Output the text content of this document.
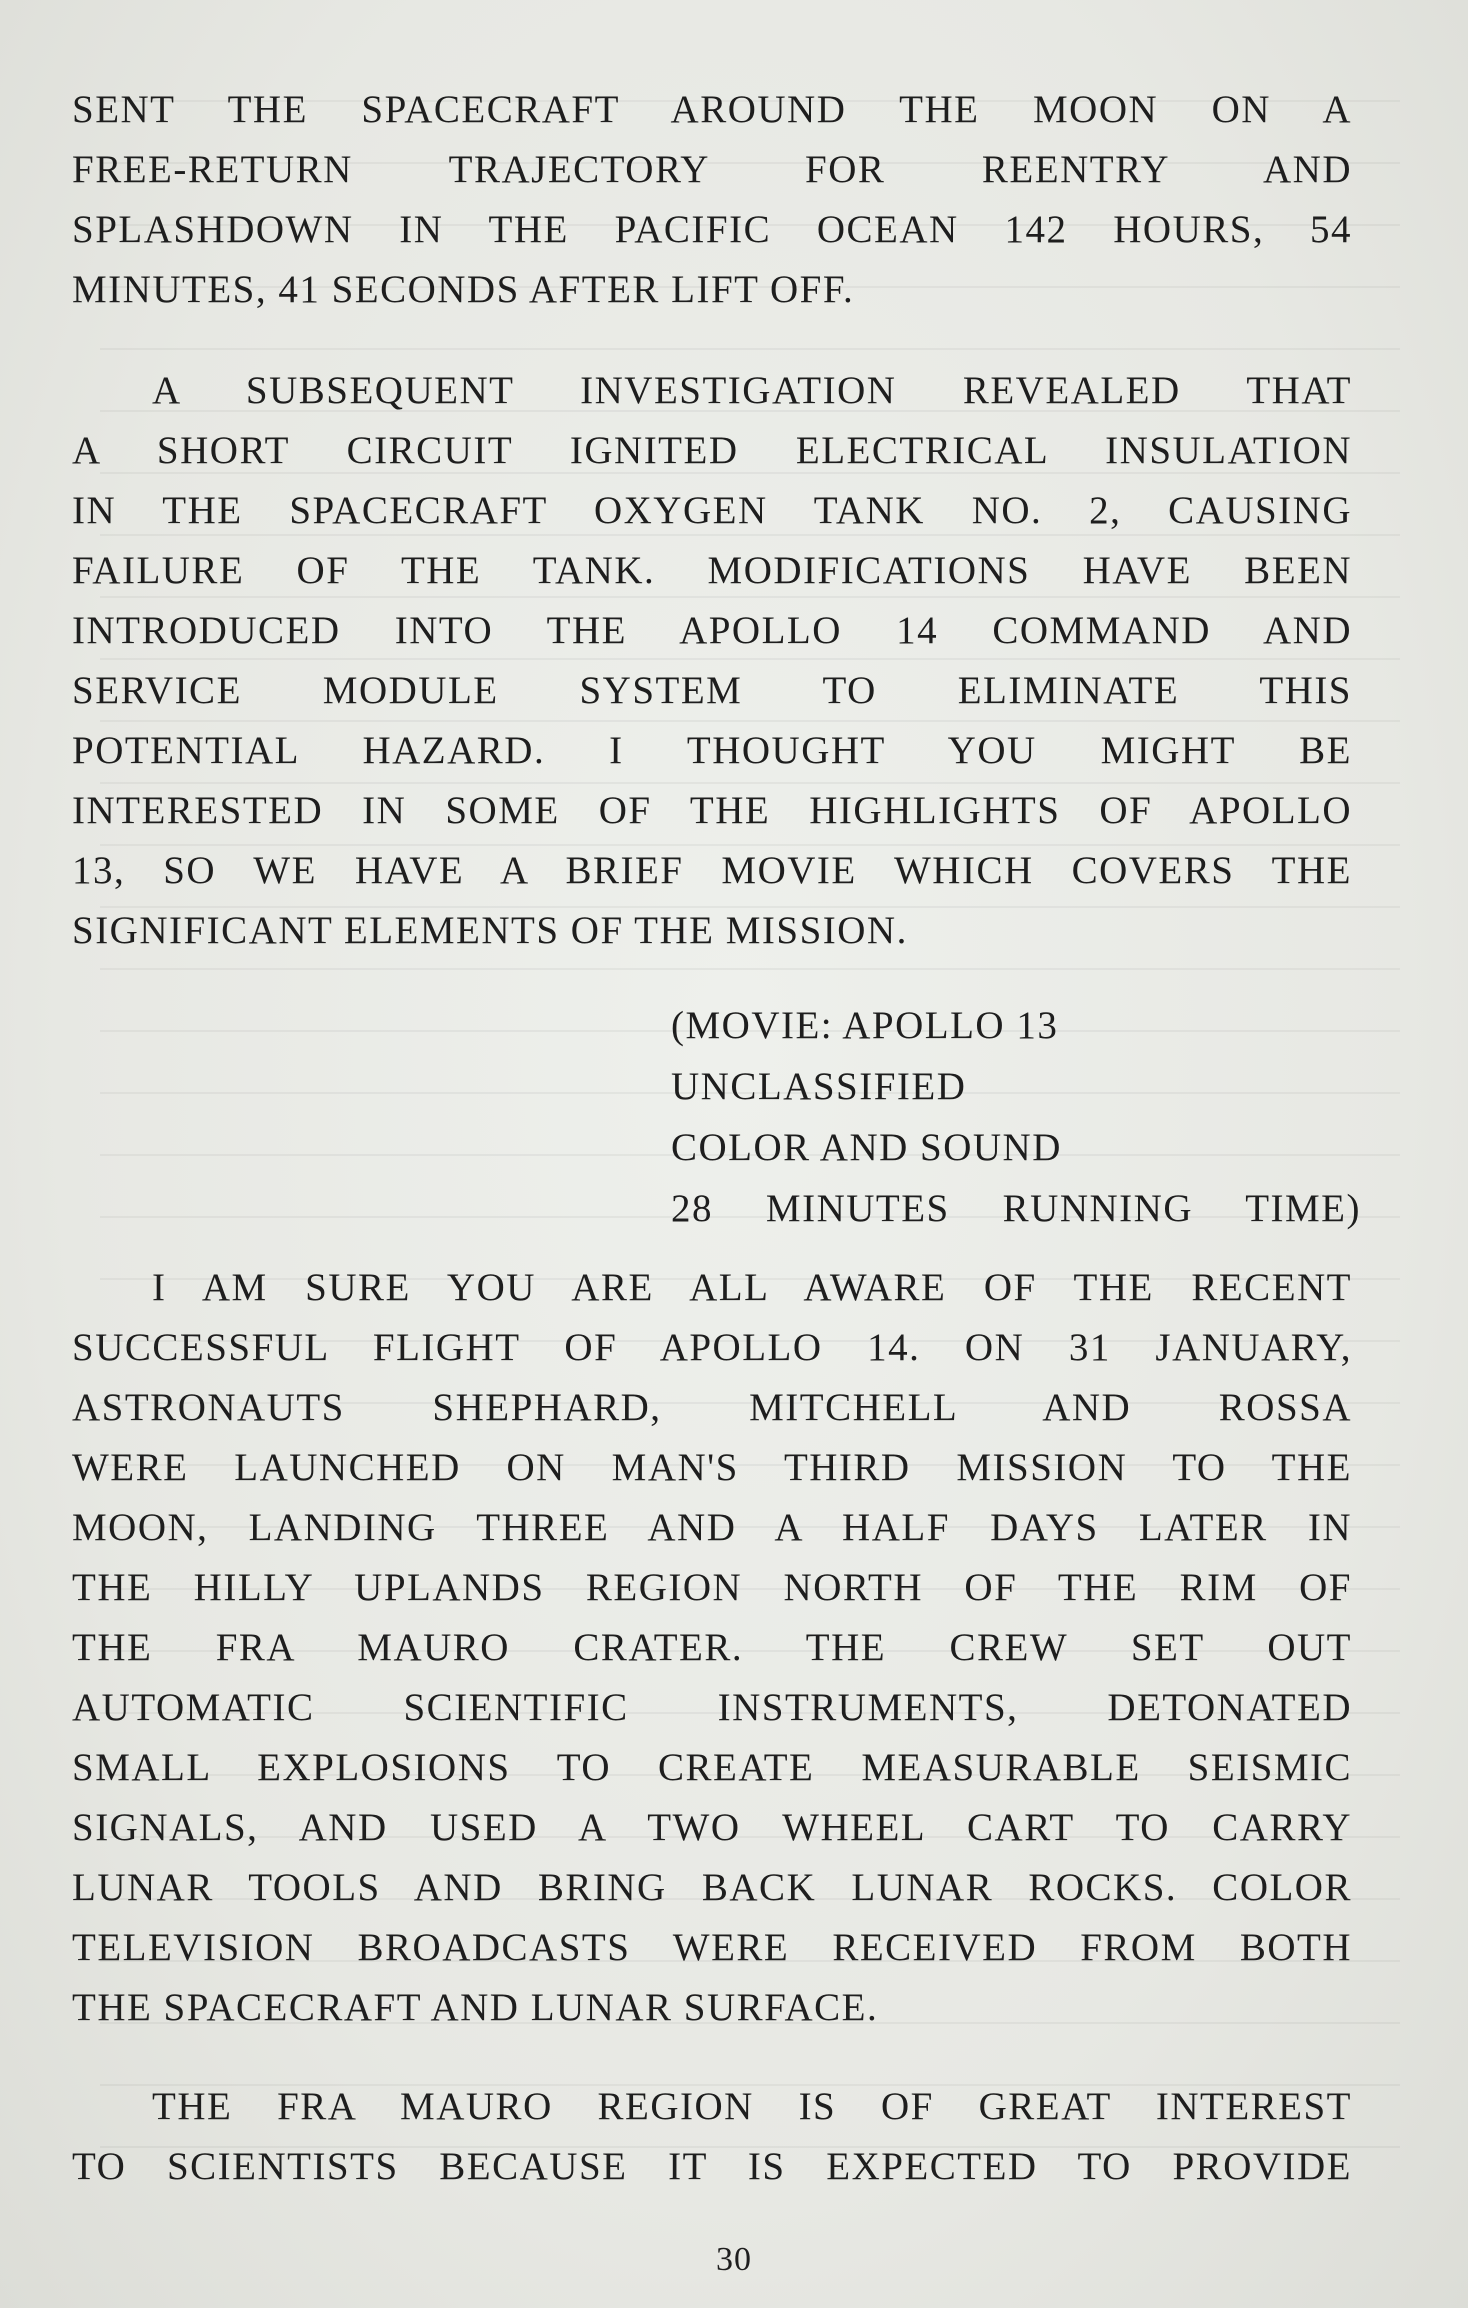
SENT THE SPACECRAFT AROUND THE MOON ON A
FREE-RETURN TRAJECTORY FOR REENTRY AND
SPLASHDOWN IN THE PACIFIC OCEAN 142 HOURS, 54
MINUTES, 41 SECONDS AFTER LIFT OFF.
A SUBSEQUENT INVESTIGATION REVEALED THAT
A SHORT CIRCUIT IGNITED ELECTRICAL INSULATION
IN THE SPACECRAFT OXYGEN TANK NO. 2, CAUSING
FAILURE OF THE TANK. MODIFICATIONS HAVE BEEN
INTRODUCED INTO THE APOLLO 14 COMMAND AND
SERVICE MODULE SYSTEM TO ELIMINATE THIS
POTENTIAL HAZARD. I THOUGHT YOU MIGHT BE
INTERESTED IN SOME OF THE HIGHLIGHTS OF APOLLO
13, SO WE HAVE A BRIEF MOVIE WHICH COVERS THE
SIGNIFICANT ELEMENTS OF THE MISSION.
(MOVIE: APOLLO 13
UNCLASSIFIED
COLOR AND SOUND
28 MINUTES RUNNING TIME)
I AM SURE YOU ARE ALL AWARE OF THE RECENT
SUCCESSFUL FLIGHT OF APOLLO 14. ON 31 JANUARY,
ASTRONAUTS SHEPHARD, MITCHELL AND ROSSA
WERE LAUNCHED ON MAN'S THIRD MISSION TO THE
MOON, LANDING THREE AND A HALF DAYS LATER IN
THE HILLY UPLANDS REGION NORTH OF THE RIM OF
THE FRA MAURO CRATER. THE CREW SET OUT
AUTOMATIC SCIENTIFIC INSTRUMENTS, DETONATED
SMALL EXPLOSIONS TO CREATE MEASURABLE SEISMIC
SIGNALS, AND USED A TWO WHEEL CART TO CARRY
LUNAR TOOLS AND BRING BACK LUNAR ROCKS. COLOR
TELEVISION BROADCASTS WERE RECEIVED FROM BOTH
THE SPACECRAFT AND LUNAR SURFACE.
THE FRA MAURO REGION IS OF GREAT INTEREST
TO SCIENTISTS BECAUSE IT IS EXPECTED TO PROVIDE
30
